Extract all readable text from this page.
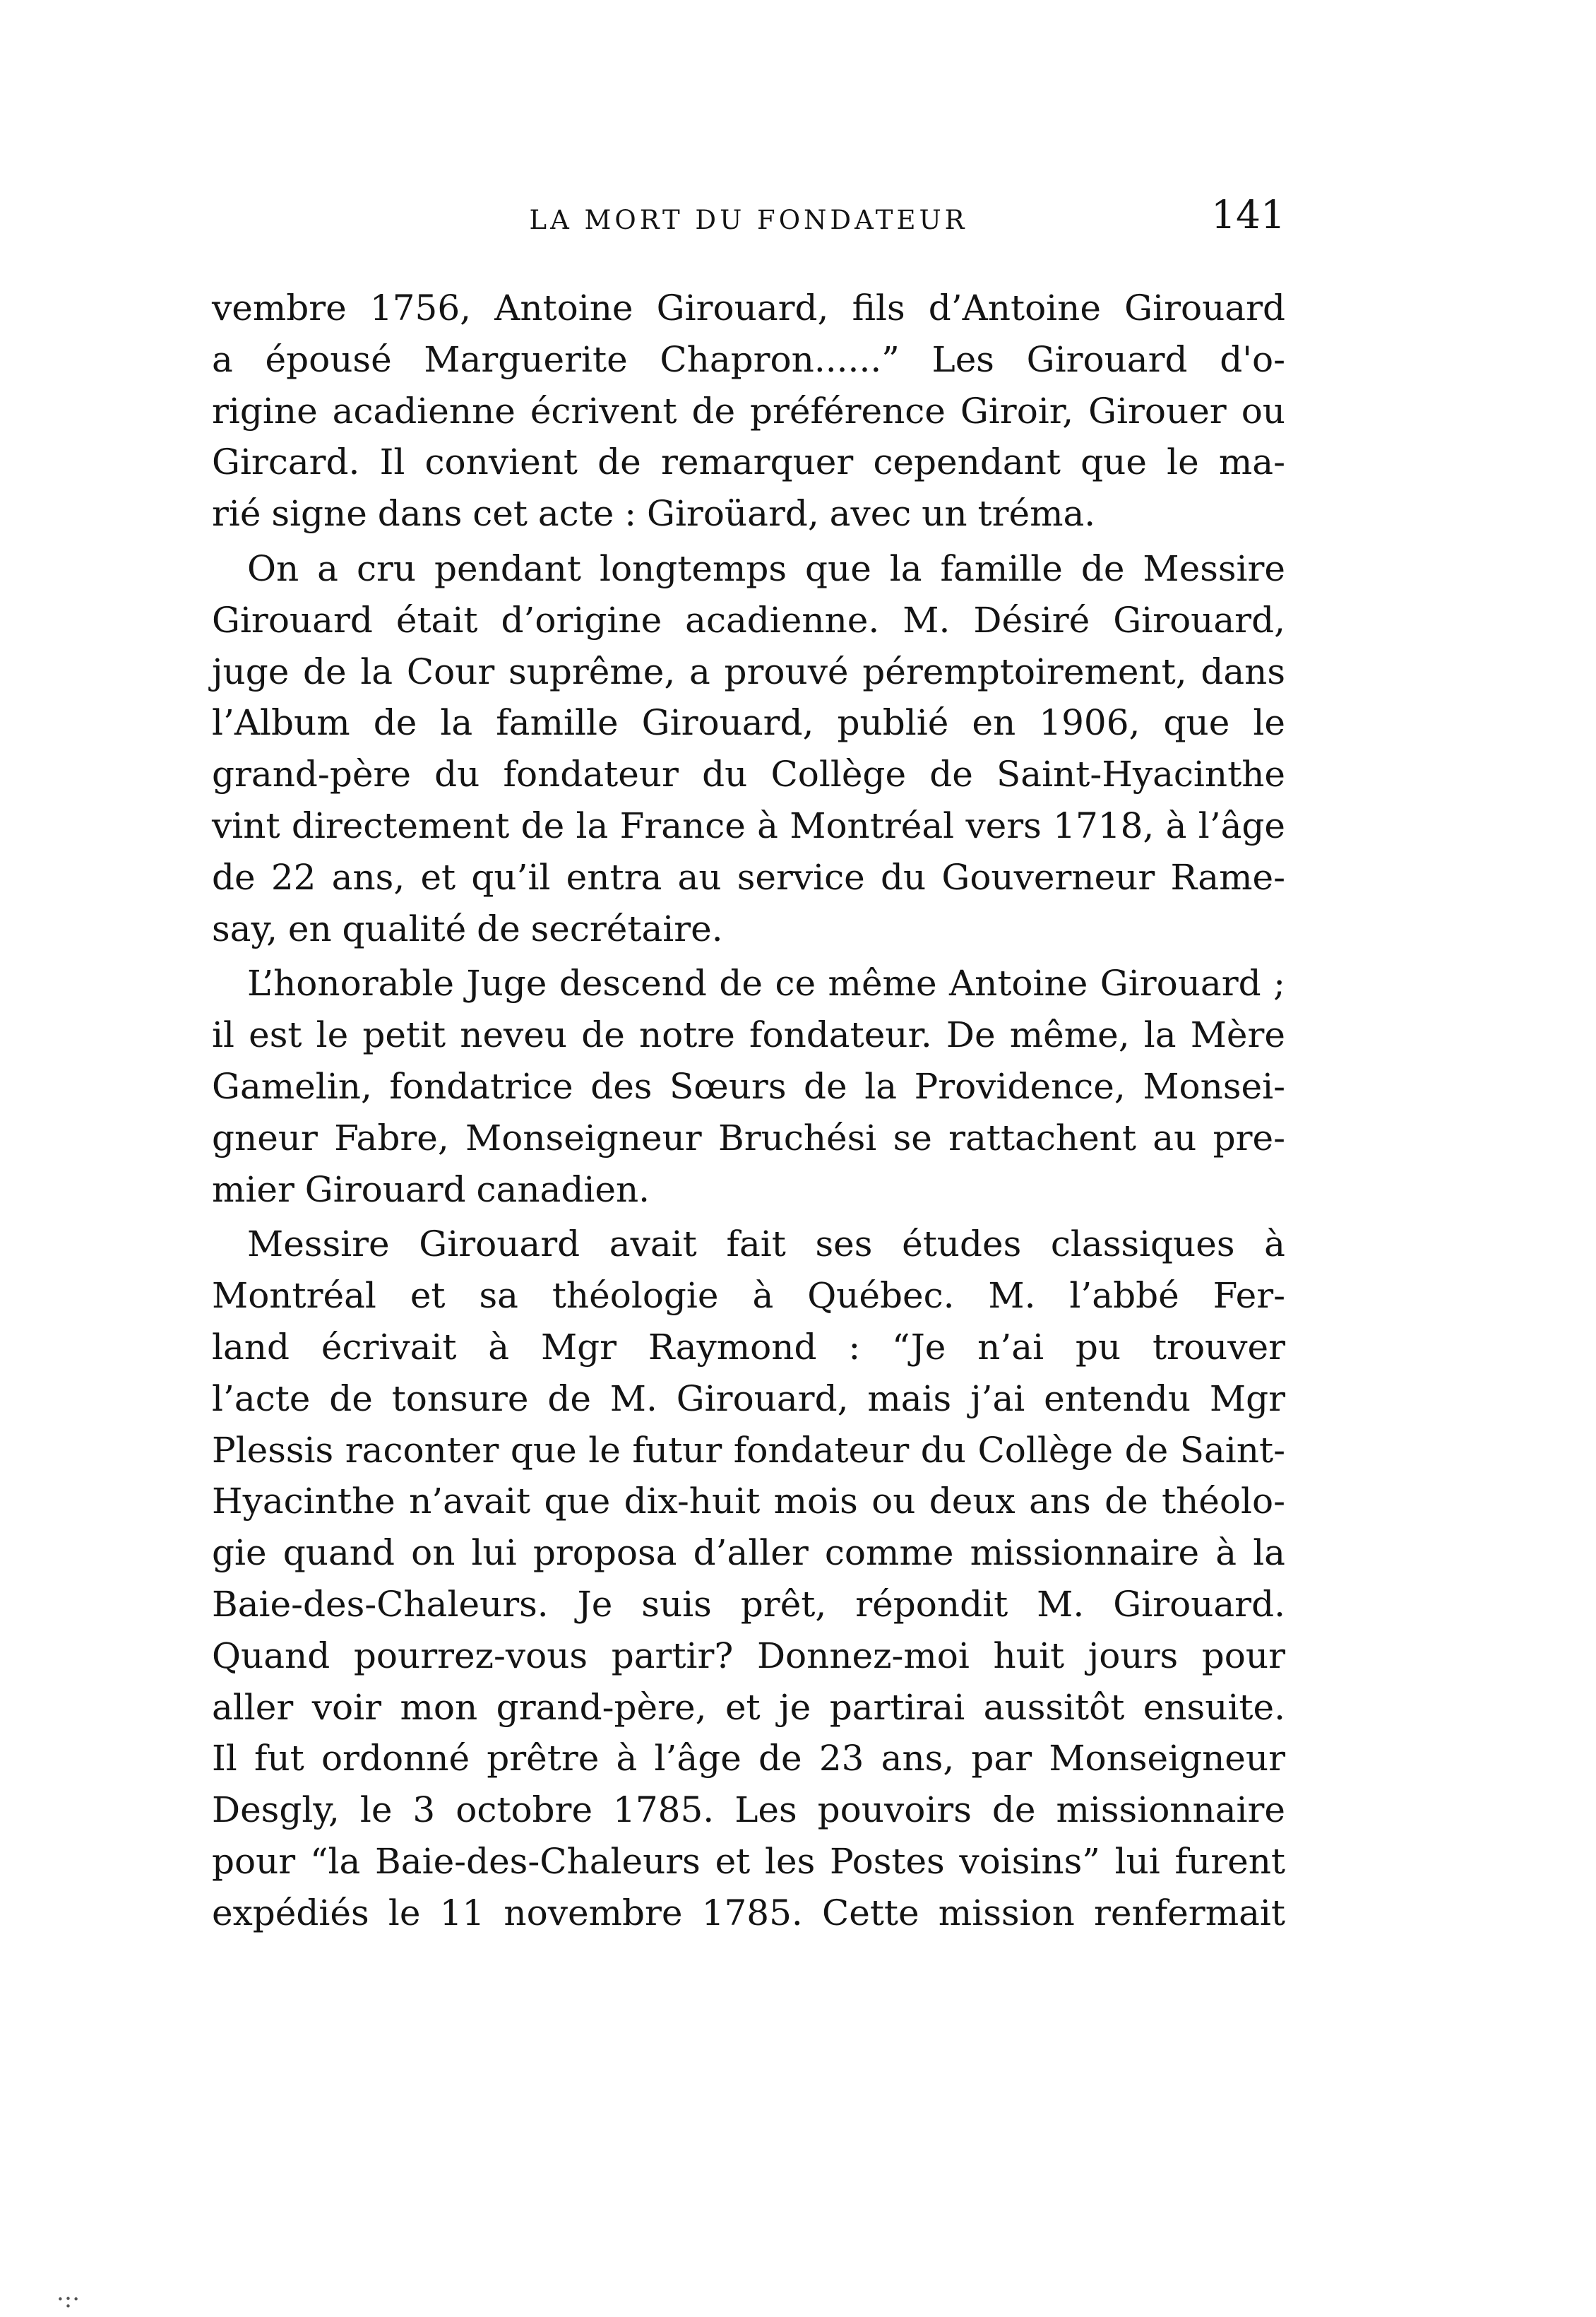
LA MORT DU FONDATEUR	141

vembre 1756, Antoine Girouard, fils d’Antoine Girouard
a épousé Marguerite Chapron......” Les Girouard d'o-
rigine acadienne écrivent de préférence Giroir, Girouer ou
Gircard. Il convient de remarquer cependant que le ma-
rié signe dans cet acte : Giroüard, avec un tréma.

On a cru pendant longtemps que la famille de Messire
Girouard était d’origine acadienne. M. Désiré Girouard,
juge de la Cour suprême, a prouvé péremptoirement, dans
l’Album de la famille Girouard, publié en 1906, que le
grand-père du fondateur du Collège de Saint-Hyacinthe
vint directement de la France à Montréal vers 1718, à l’âge
de 22 ans, et qu’il entra au service du Gouverneur Rame-
say, en qualité de secrétaire.

L’honorable Juge descend de ce même Antoine Girouard ;
il est le petit neveu de notre fondateur. De même, la Mère
Gamelin, fondatrice des Sœurs de la Providence, Monsei-
gneur Fabre, Monseigneur Bruchési se rattachent au pre-
mier Girouard canadien.

Messire Girouard avait fait ses études classiques à
Montréal et sa théologie à Québec. M. l’abbé Fer-
land écrivait à Mgr Raymond : “Je n’ai pu trouver
l’acte de tonsure de M. Girouard, mais j’ai entendu Mgr
Plessis raconter que le futur fondateur du Collège de Saint-
Hyacinthe n’avait que dix-huit mois ou deux ans de théolo-
gie quand on lui proposa d’aller comme missionnaire à la
Baie-des-Chaleurs. Je suis prêt, répondit M. Girouard.
Quand pourrez-vous partir? Donnez-moi huit jours pour
aller voir mon grand-père, et je partirai aussitôt ensuite.
Il fut ordonné prêtre à l’âge de 23 ans, par Monseigneur
Desgly, le 3 octobre 1785. Les pouvoirs de missionnaire
pour “la Baie-des-Chaleurs et les Postes voisins” lui furent
expédiés le 11 novembre 1785. Cette mission renfermait

·:·
